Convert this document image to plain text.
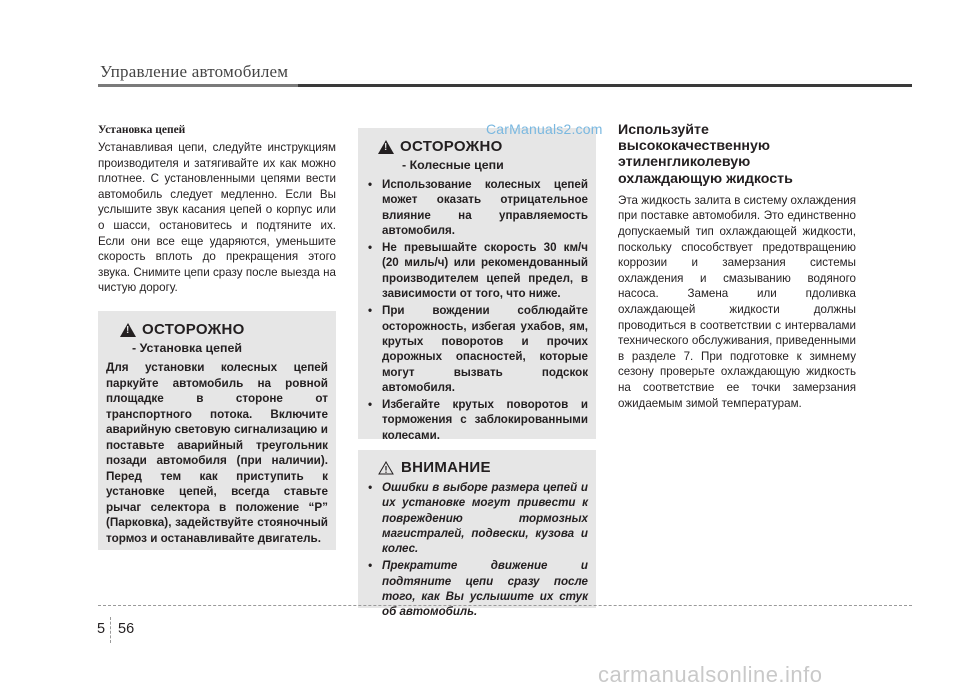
Управление автомобилем

Установка цепей

Устанавливая цепи, следуйте инструкциям производителя и затягивайте их как можно плотнее. С установленными цепями вести автомобиль следует медленно. Если Вы услышите звук касания цепей о корпус или о шасси, остановитесь и подтяните их. Если они все еще ударяются, уменьшите скорость вплоть до прекращения этого звука. Снимите цепи сразу после выезда на чистую дорогу.

!
ОСТОРОЖНО
- Установка цепей

Для установки колесных цепей паркуйте автомобиль на ровной площадке в стороне от транспортного потока. Включите аварийную световую сигнализацию и поставьте аварийный треугольник позади автомобиля (при наличии). Перед тем как приступить к установке цепей, всегда ставьте рычаг селектора в положение “P” (Парковка), задействуйте стояночный тормоз и останавливайте двигатель.

!
ОСТОРОЖНО
- Колесные цепи
• Использование колесных цепей может оказать отрицательное влияние на управляемость автомобиля.
• Не превышайте скорость 30 км/ч (20 миль/ч) или рекомендованный производителем цепей предел, в зависимости от того, что ниже.
• При вождении соблюдайте осторожность, избегая ухабов, ям, крутых поворотов и прочих дорожных опасностей, которые могут вызвать подскок автомобиля.
• Избегайте крутых поворотов и торможения с заблокированными колесами.
ВНИМАНИЕ
• Ошибки в выборе размера цепей и их установке могут привести к повреждению тормозных магистралей, подвески, кузова и колес.
• Прекратите движение и подтяните цепи сразу после того, как Вы услышите их стук об автомобиль.
CarManuals2.com Используйте высококачественную этиленгликолевую охлаждающую жидкость

Эта жидкость залита в систему охлаждения при поставке автомобиля. Это единственно допускаемый тип охлаждающей жидкости, поскольку способствует предотвращению коррозии и замерзания системы охлаждения и смазыванию водяного насоса. Замена или пдоливка охлаждающей жидкости должны проводиться в соответствии с интервалами технического обслуживания, приведенными в разделе 7. При подготовке к зимнему сезону проверьте охлаждающую жидкость на соответствие ее точки замерзания ожидаемым зимой температурам.

5 56
carmanualsonline.info
